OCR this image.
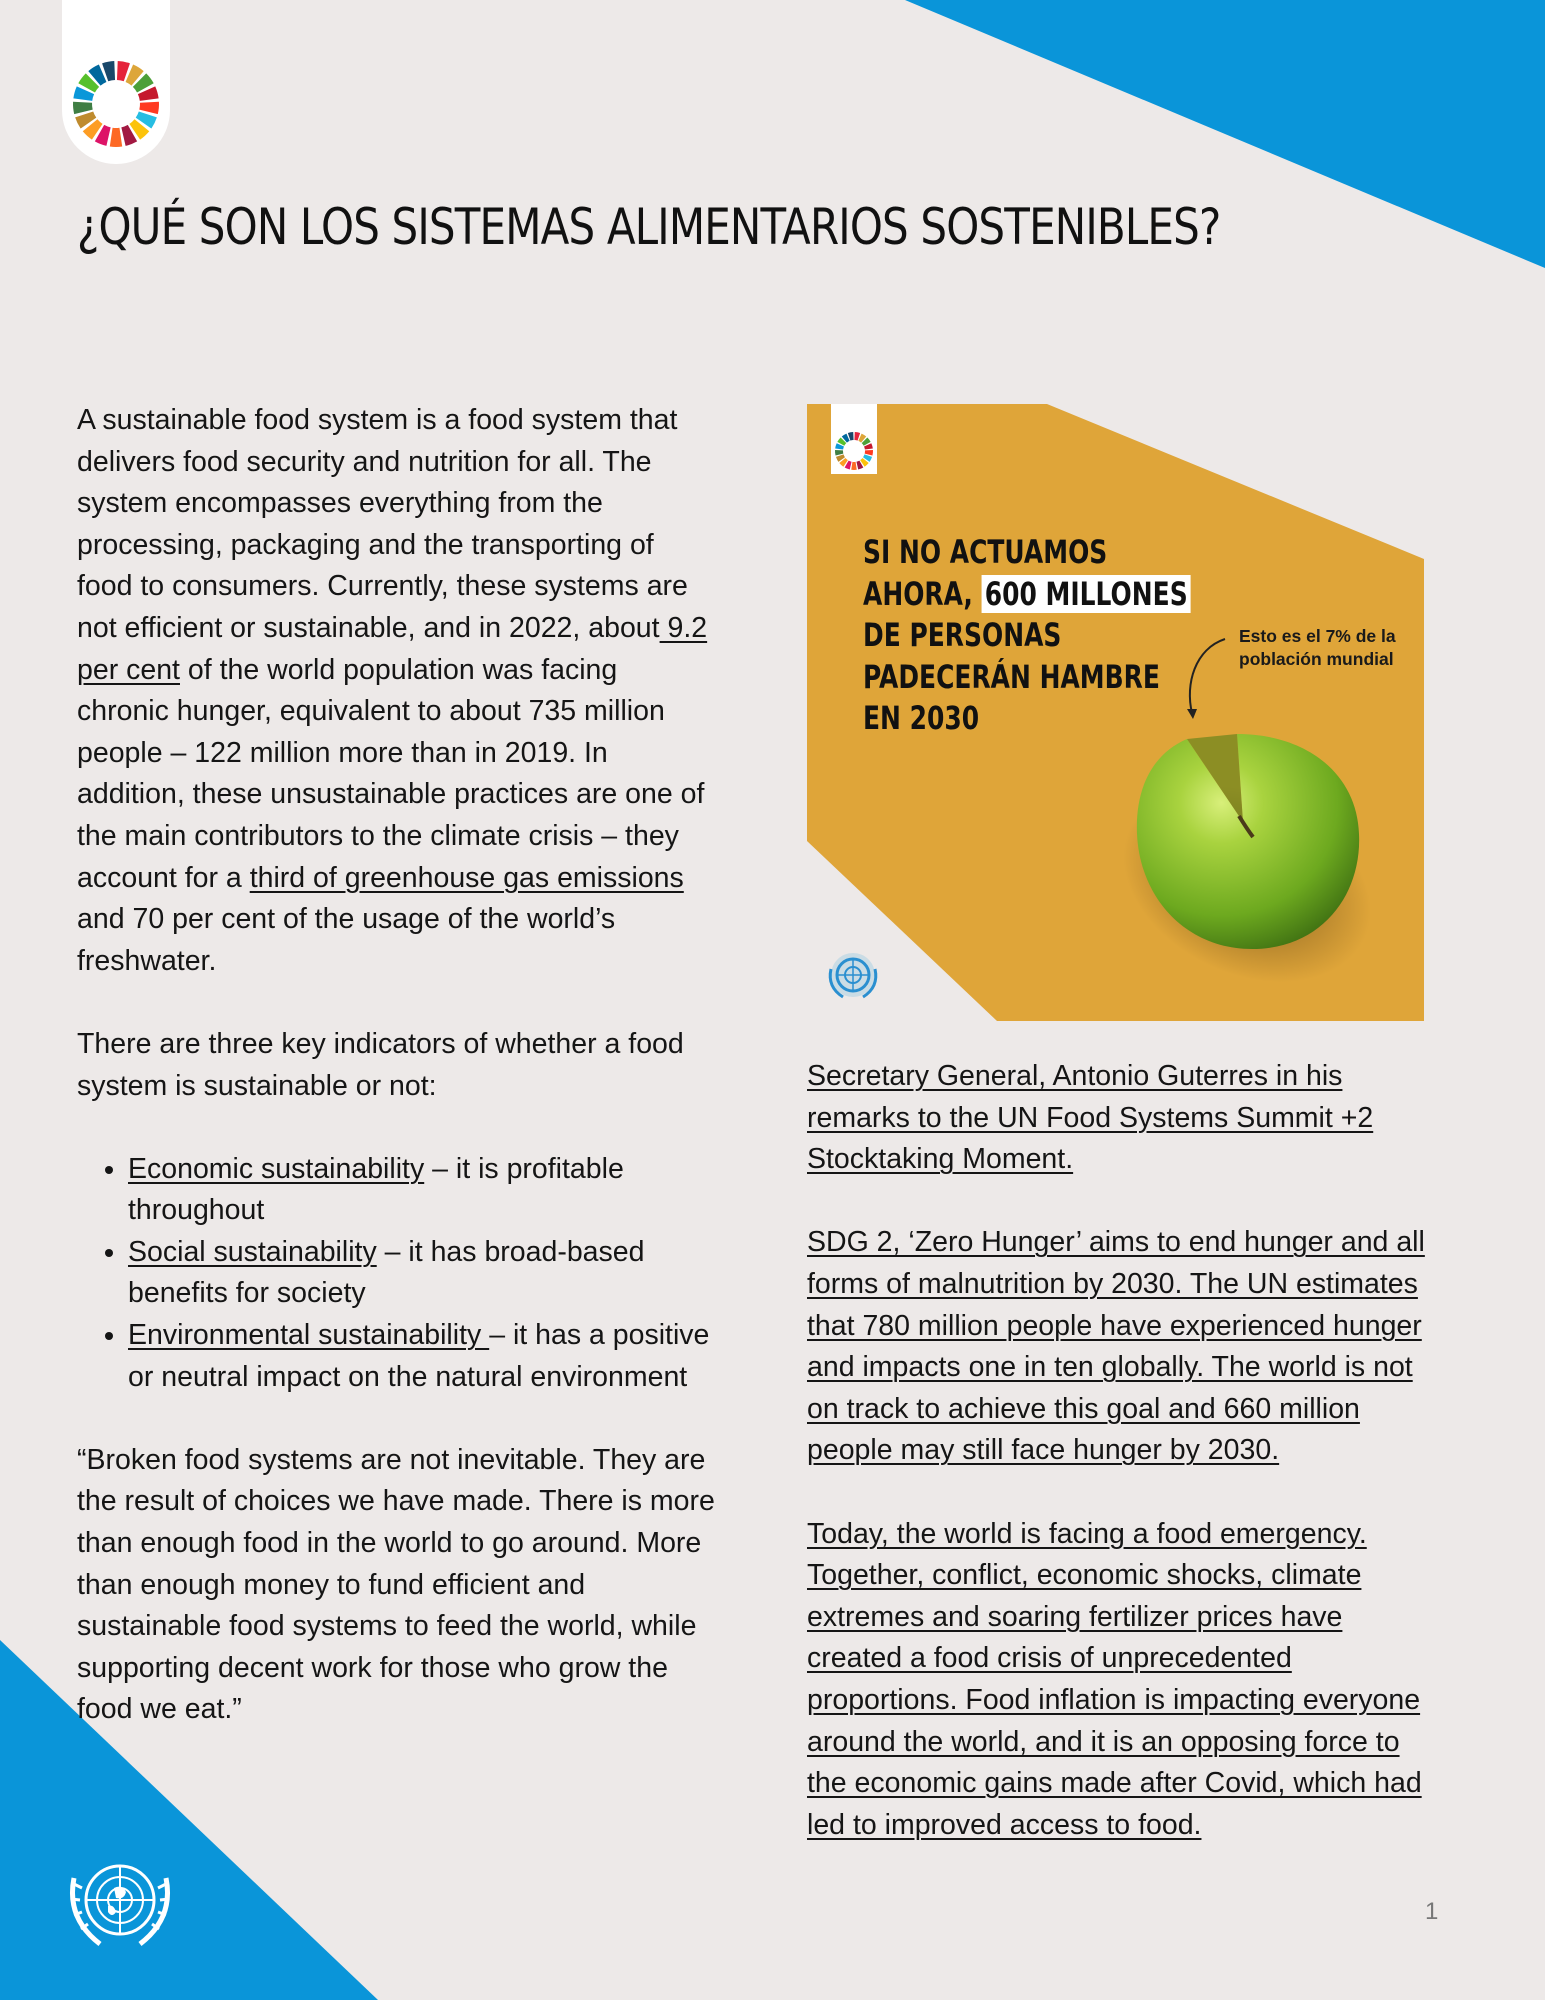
¿QUÉ SON LOS SISTEMAS ALIMENTARIOS SOSTENIBLES?

A sustainable food system is a food system that delivers food security and nutrition for all. The system encompasses everything from the processing, packaging and the transporting of food to consumers. Currently, these systems are not efficient or sustainable, and in 2022, about 9.2 per cent of the world population was facing chronic hunger, equivalent to about 735 million people – 122 million more than in 2019. In addition, these unsustainable practices are one of the main contributors to the climate crisis – they account for a third of greenhouse gas emissions and 70 per cent of the usage of the world’s freshwater.

There are three key indicators of whether a food system is sustainable or not:

• Economic sustainability – it is profitable throughout
• Social sustainability – it has broad-based benefits for society
• Environmental sustainability – it has a positive or neutral impact on the natural environment

“Broken food systems are not inevitable. They are the result of choices we have made. There is more than enough food in the world to go around. More than enough money to fund efficient and sustainable food systems to feed the world, while supporting decent work for those who grow the food we eat.”

SI NO ACTUAMOS
AHORA, 600 MILLONES
DE PERSONAS
PADECERÁN HAMBRE
EN 2030
Esto es el 7% de la población mundial

Secretary General, Antonio Guterres in his remarks to the UN Food Systems Summit +2 Stocktaking Moment.

SDG 2, ‘Zero Hunger’ aims to end hunger and all forms of malnutrition by 2030. The UN estimates that 780 million people have experienced hunger and impacts one in ten globally. The world is not on track to achieve this goal and 660 million people may still face hunger by 2030.

Today, the world is facing a food emergency. Together, conflict, economic shocks, climate extremes and soaring fertilizer prices have created a food crisis of unprecedented proportions. Food inflation is impacting everyone around the world, and it is an opposing force to the economic gains made after Covid, which had led to improved access to food.

1
